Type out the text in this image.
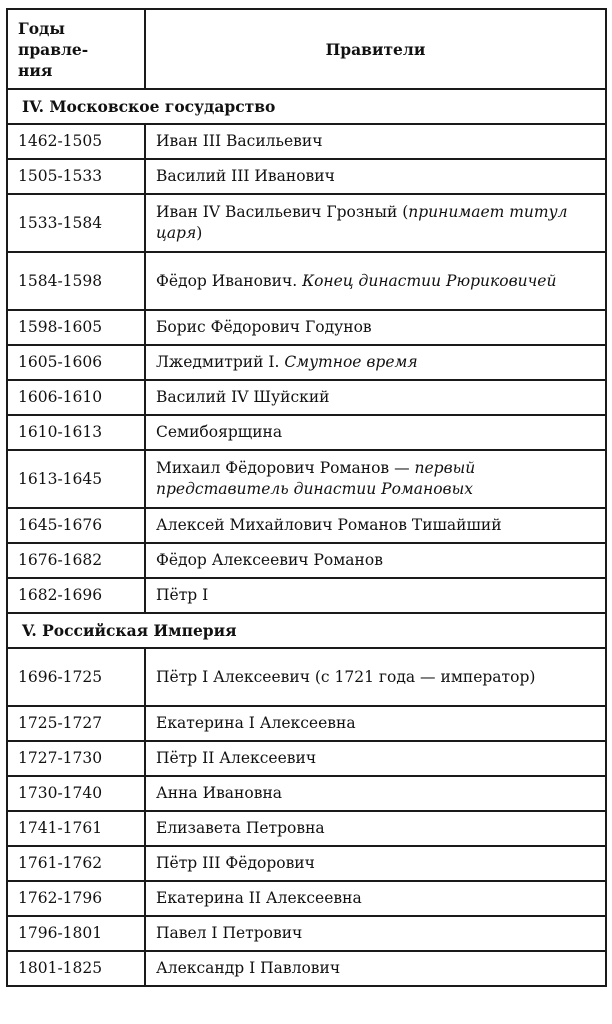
Годы
правле-
ния	Правители
IV. Московское государство	
1462-1505	Иван III Васильевич
1505-1533	Василий III Иванович
1533-1584	Иван IV Васильевич Грозный (принимает титул царя)
1584-1598	Фёдор Иванович. Конец династии Рюриковичей
1598-1605	Борис Фёдорович Годунов
1605-1606	Лжедмитрий I. Смутное время
1606-1610	Василий IV Шуйский
1610-1613	Семибоярщина
1613-1645	Михаил Фёдорович Романов — первый представитель династии Романовых
1645-1676	Алексей Михайлович Романов Тишайший
1676-1682	Фёдор Алексеевич Романов
1682-1696	Пётр I
V. Российская Империя	
1696-1725	Пётр I Алексеевич (с 1721 года — император)
1725-1727	Екатерина I Алексеевна
1727-1730	Пётр II Алексеевич
1730-1740	Анна Ивановна
1741-1761	Елизавета Петровна
1761-1762	Пётр III Фёдорович
1762-1796	Екатерина II Алексеевна
1796-1801	Павел I Петрович
1801-1825	Александр I Павлович
